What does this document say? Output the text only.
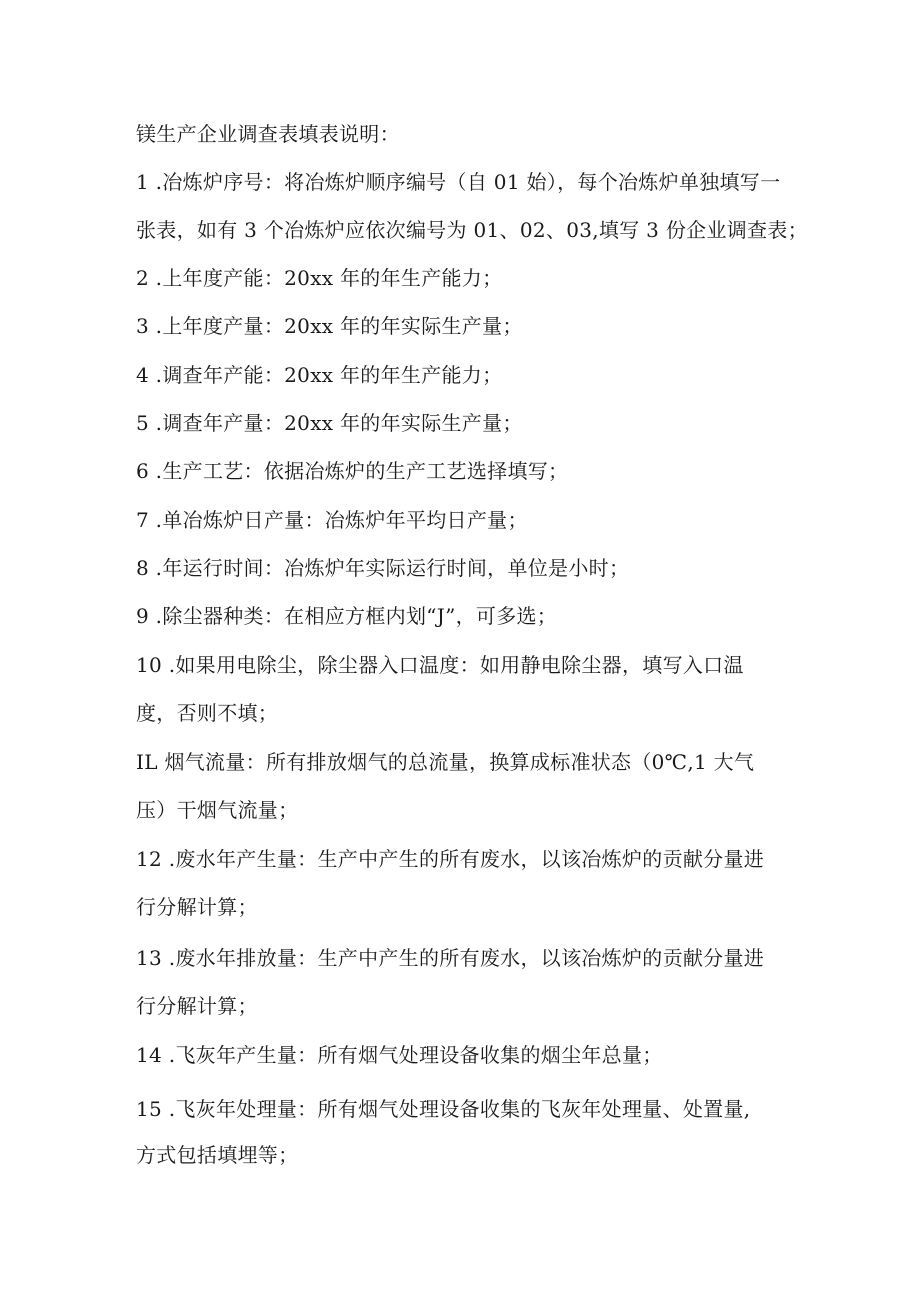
镁生产企业调查表填表说明：
1 .冶炼炉序号：将冶炼炉顺序编号（自 01 始），每个冶炼炉单独填写一
张表，如有 3 个冶炼炉应依次编号为 01、02、03,填写 3 份企业调查表；
2 .上年度产能：20xx 年的年生产能力；
3 .上年度产量：20xx 年的年实际生产量；
4 .调查年产能：20xx 年的年生产能力；
5 .调查年产量：20xx 年的年实际生产量；
6 .生产工艺：依据冶炼炉的生产工艺选择填写；
7 .单冶炼炉日产量：冶炼炉年平均日产量；
8 .年运行时间：冶炼炉年实际运行时间，单位是小时；
9 .除尘器种类：在相应方框内划“J”，可多选；
10 .如果用电除尘，除尘器入口温度：如用静电除尘器，填写入口温
度，否则不填；
IL 烟气流量：所有排放烟气的总流量，换算成标准状态（0℃,1 大气
压）干烟气流量；
12 .废水年产生量：生产中产生的所有废水，以该冶炼炉的贡献分量进
行分解计算；
13 .废水年排放量：生产中产生的所有废水，以该冶炼炉的贡献分量进
行分解计算；
14 .飞灰年产生量：所有烟气处理设备收集的烟尘年总量；
15 .飞灰年处理量：所有烟气处理设备收集的飞灰年处理量、处置量,
方式包括填埋等；
